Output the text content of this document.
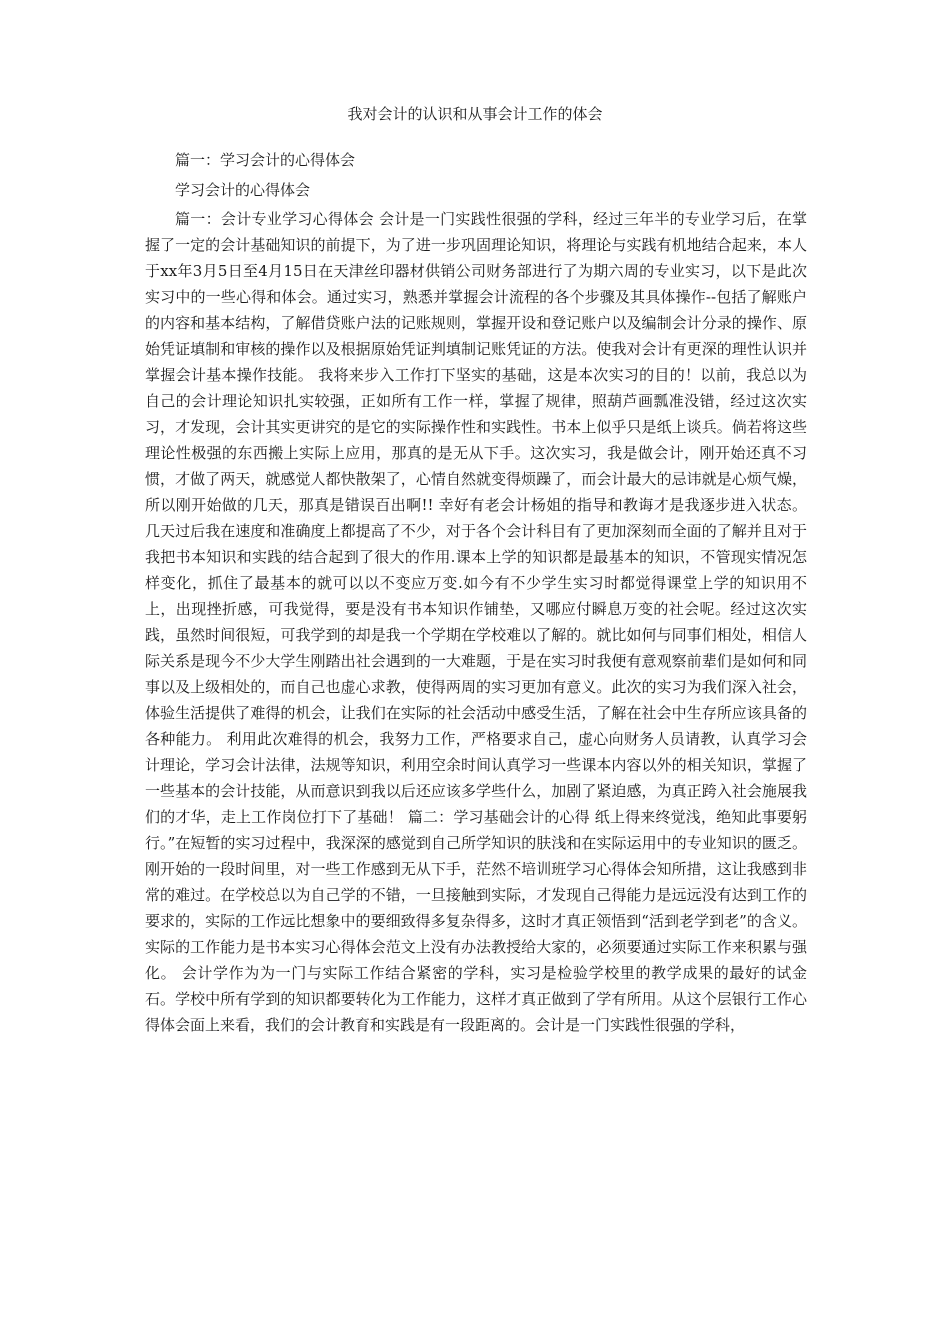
我对会计的认识和从事会计工作的体会
篇一：学习会计的心得体会
学习会计的心得体会
篇一：会计专业学习心得体会 会计是一门实践性很强的学科，经过三年半的专业学习后，在掌握了一定的会计基础知识的前提下，为了进一步巩固理论知识，将理论与实践有机地结合起来，本人于xx年3月5日至4月15日在天津丝印器材供销公司财务部进行了为期六周的专业实习，以下是此次实习中的一些心得和体会。通过实习，熟悉并掌握会计流程的各个步骤及其具体操作--包括了解账户的内容和基本结构，了解借贷账户法的记账规则，掌握开设和登记账户以及编制会计分录的操作、原始凭证填制和审核的操作以及根据原始凭证判填制记账凭证的方法。使我对会计有更深的理性认识并掌握会计基本操作技能。 我将来步入工作打下坚实的基础，这是本次实习的目的！以前，我总以为自己的会计理论知识扎实较强，正如所有工作一样，掌握了规律，照葫芦画瓢准没错，经过这次实习，才发现，会计其实更讲究的是它的实际操作性和实践性。书本上似乎只是纸上谈兵。倘若将这些理论性极强的东西搬上实际上应用，那真的是无从下手。这次实习，我是做会计，刚开始还真不习惯，才做了两天，就感觉人都快散架了，心情自然就变得烦躁了，而会计最大的忌讳就是心烦气燥，所以刚开始做的几天，那真是错误百出啊!! 幸好有老会计杨姐的指导和教诲才是我逐步进入状态。 几天过后我在速度和准确度上都提高了不少，对于各个会计科目有了更加深刻而全面的了解并且对于我把书本知识和实践的结合起到了很大的作用.课本上学的知识都是最基本的知识，不管现实情况怎样变化，抓住了最基本的就可以以不变应万变.如今有不少学生实习时都觉得课堂上学的知识用不上，出现挫折感，可我觉得，要是没有书本知识作铺垫，又哪应付瞬息万变的社会呢。经过这次实践，虽然时间很短，可我学到的却是我一个学期在学校难以了解的。就比如何与同事们相处，相信人际关系是现今不少大学生刚踏出社会遇到的一大难题，于是在实习时我便有意观察前辈们是如何和同事以及上级相处的，而自己也虚心求教，使得两周的实习更加有意义。此次的实习为我们深入社会，体验生活提供了难得的机会，让我们在实际的社会活动中感受生活，了解在社会中生存所应该具备的各种能力。 利用此次难得的机会，我努力工作，严格要求自己，虚心向财务人员请教，认真学习会计理论，学习会计法律，法规等知识，利用空余时间认真学习一些课本内容以外的相关知识，掌握了一些基本的会计技能，从而意识到我以后还应该多学些什么，加剧了紧迫感，为真正跨入社会施展我们的才华，走上工作岗位打下了基础！ 篇二：学习基础会计的心得 纸上得来终觉浅，绝知此事要躬行。”在短暂的实习过程中，我深深的感觉到自己所学知识的肤浅和在实际运用中的专业知识的匮乏。刚开始的一段时间里，对一些工作感到无从下手，茫然不培训班学习心得体会知所措，这让我感到非常的难过。在学校总以为自己学的不错，一旦接触到实际，才发现自己得能力是远远没有达到工作的要求的，实际的工作远比想象中的要细致得多复杂得多，这时才真正领悟到“活到老学到老”的含义。实际的工作能力是书本实习心得体会范文上没有办法教授给大家的，必须要通过实际工作来积累与强化。 会计学作为为一门与实际工作结合紧密的学科，实习是检验学校里的教学成果的最好的试金石。学校中所有学到的知识都要转化为工作能力，这样才真正做到了学有所用。从这个层银行工作心得体会面上来看，我们的会计教育和实践是有一段距离的。会计是一门实践性很强的学科，
